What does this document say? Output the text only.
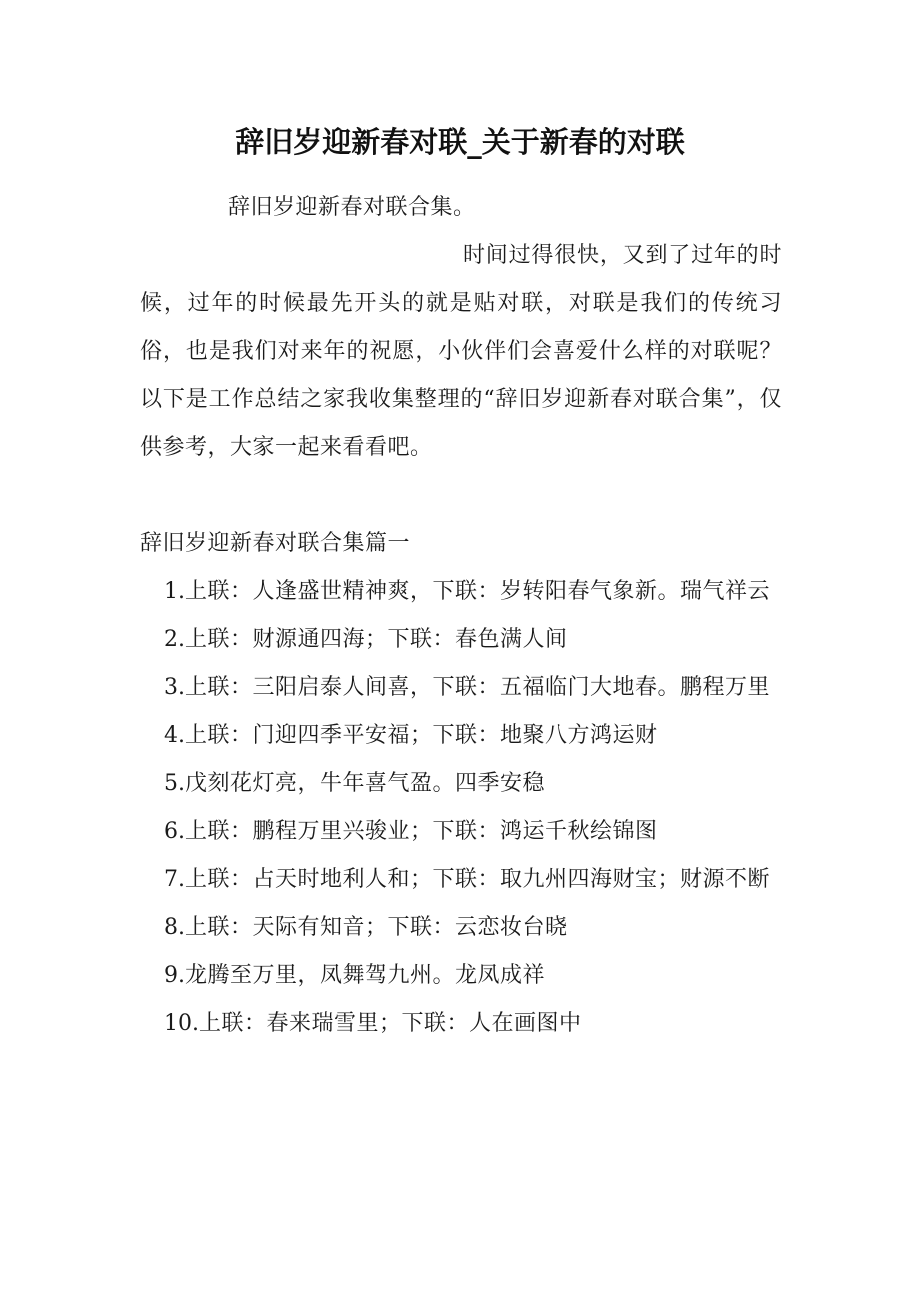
辞旧岁迎新春对联_关于新春的对联
辞旧岁迎新春对联合集。
时间过得很快，又到了过年的时候，过年的时候最先开头的就是贴对联，对联是我们的传统习俗，也是我们对来年的祝愿，小伙伴们会喜爱什么样的对联呢？以下是工作总结之家我收集整理的“辞旧岁迎新春对联合集”，仅供参考，大家一起来看看吧。
辞旧岁迎新春对联合集篇一
1.上联：人逢盛世精神爽，下联：岁转阳春气象新。瑞气祥云
2.上联：财源通四海；下联：春色满人间
3.上联：三阳启泰人间喜，下联：五福临门大地春。鹏程万里
4.上联：门迎四季平安福；下联：地聚八方鸿运财
5.戊刻花灯亮，牛年喜气盈。四季安稳
6.上联：鹏程万里兴骏业；下联：鸿运千秋绘锦图
7.上联：占天时地利人和；下联：取九州四海财宝；财源不断
8.上联：天际有知音；下联：云恋妆台晓
9.龙腾至万里，凤舞驾九州。龙凤成祥
10.上联：春来瑞雪里；下联：人在画图中
